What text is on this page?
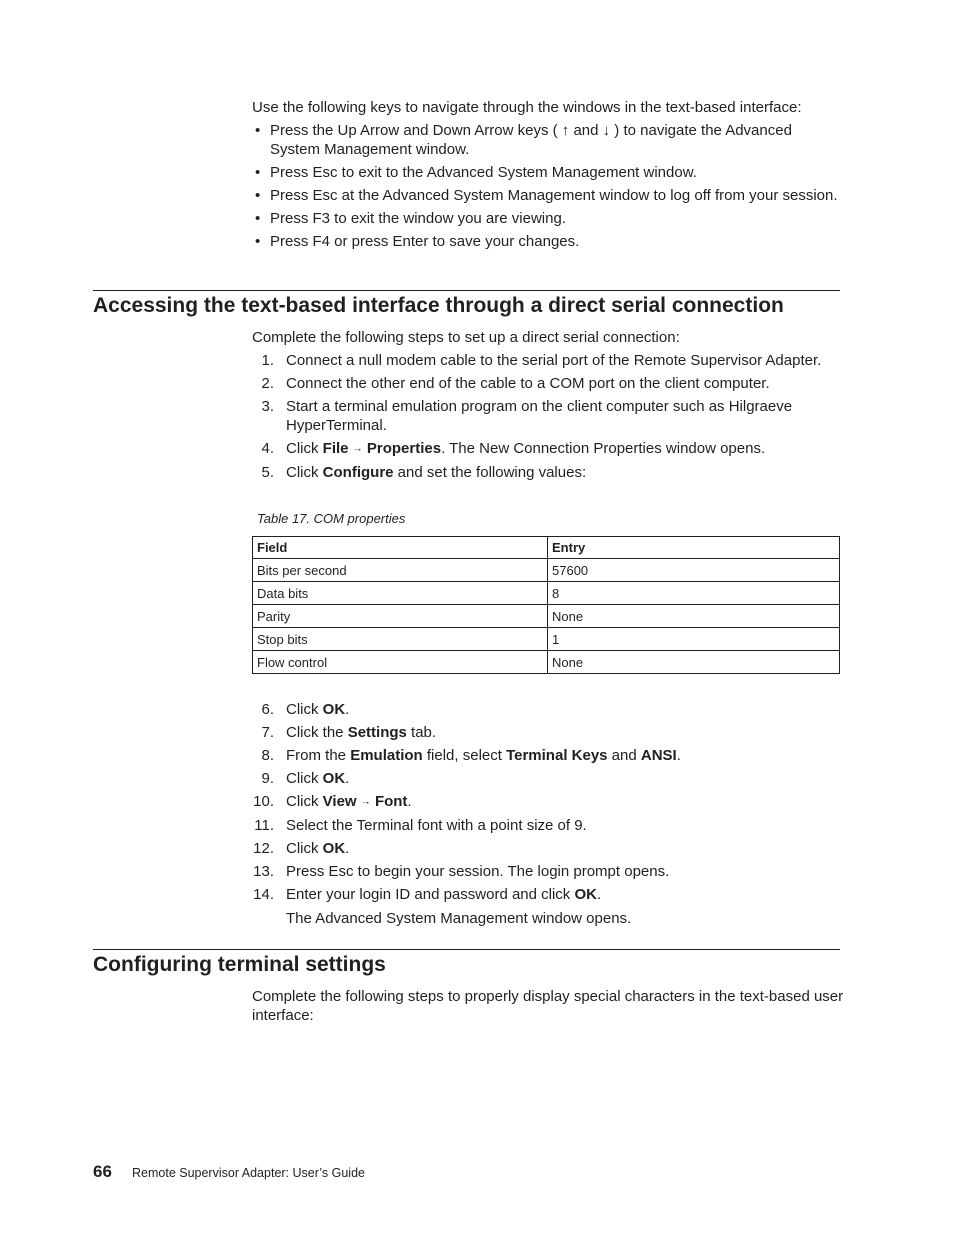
Use the following keys to navigate through the windows in the text-based interface:
• Press the Up Arrow and Down Arrow keys ( ↑ and ↓ ) to navigate the Advanced System Management window.
• Press Esc to exit to the Advanced System Management window.
• Press Esc at the Advanced System Management window to log off from your session.
• Press F3 to exit the window you are viewing.
• Press F4 or press Enter to save your changes.
Accessing the text-based interface through a direct serial connection
Complete the following steps to set up a direct serial connection:
1. Connect a null modem cable to the serial port of the Remote Supervisor Adapter.
2. Connect the other end of the cable to a COM port on the client computer.
3. Start a terminal emulation program on the client computer such as Hilgraeve HyperTerminal.
4. Click File → Properties. The New Connection Properties window opens.
5. Click Configure and set the following values:
Table 17. COM properties
Field	Entry
Bits per second	57600
Data bits	8
Parity	None
Stop bits	1
Flow control	None
6. Click OK.
7. Click the Settings tab.
8. From the Emulation field, select Terminal Keys and ANSI.
9. Click OK.
10. Click View → Font.
11. Select the Terminal font with a point size of 9.
12. Click OK.
13. Press Esc to begin your session. The login prompt opens.
14. Enter your login ID and password and click OK.
The Advanced System Management window opens.
Configuring terminal settings
Complete the following steps to properly display special characters in the text-based user interface:
66 Remote Supervisor Adapter: User’s Guide
